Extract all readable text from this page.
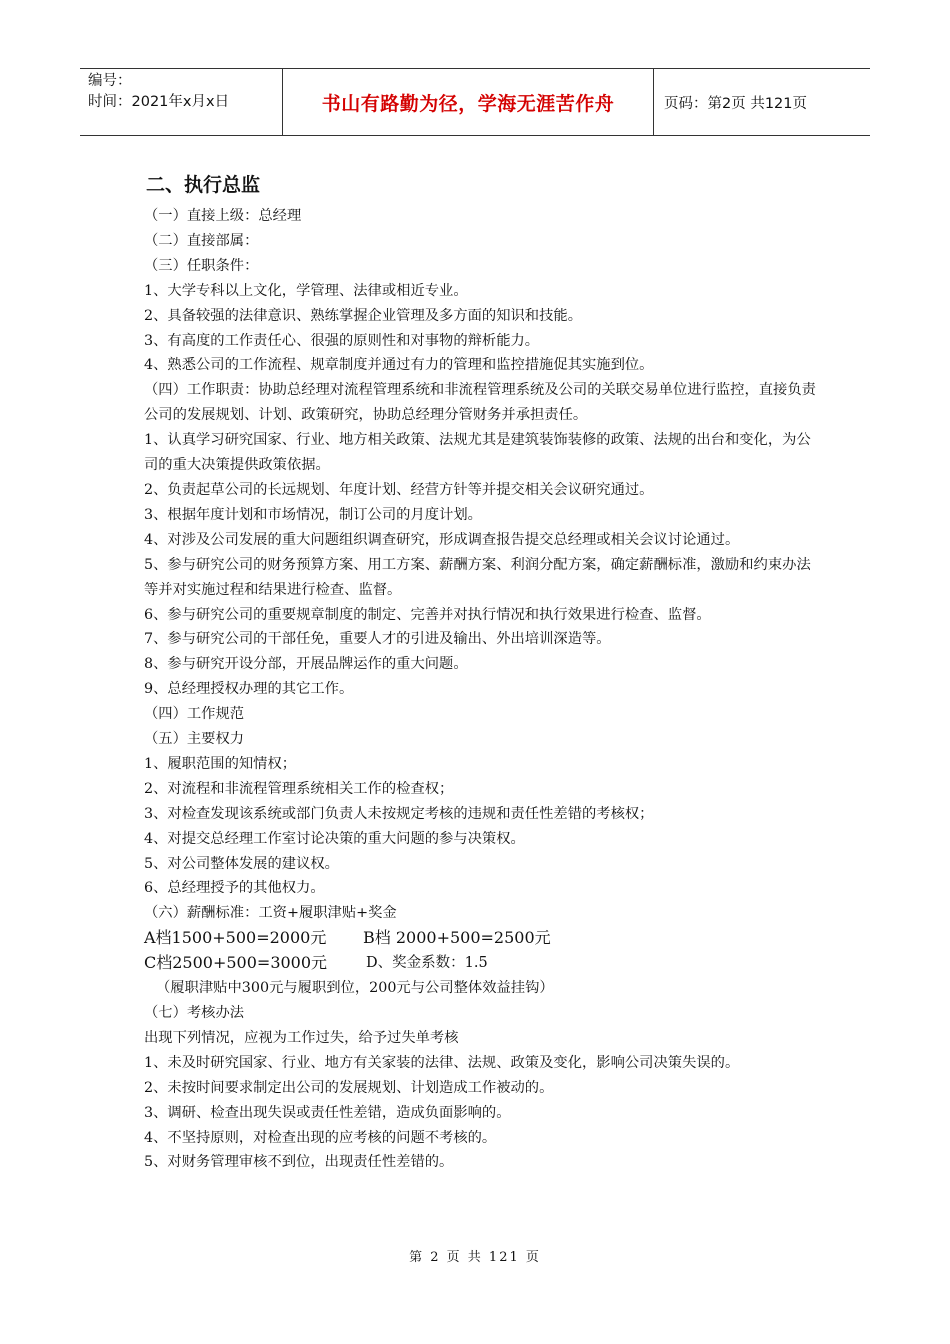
编号：
时间：2021年x月x日	书山有路勤为径，学海无涯苦作舟	页码：第2页 共121页
二、执行总监

（一）直接上级：总经理

（二）直接部属：

（三）任职条件：

1、大学专科以上文化，学管理、法律或相近专业。

2、具备较强的法律意识、熟练掌握企业管理及多方面的知识和技能。

3、有高度的工作责任心、很强的原则性和对事物的辩析能力。

4、熟悉公司的工作流程、规章制度并通过有力的管理和监控措施促其实施到位。

（四）工作职责：协助总经理对流程管理系统和非流程管理系统及公司的关联交易单位进行监控，直接负责公司的发展规划、计划、政策研究，协助总经理分管财务并承担责任。

1、认真学习研究国家、行业、地方相关政策、法规尤其是建筑装饰装修的政策、法规的出台和变化，为公司的重大决策提供政策依据。

2、负责起草公司的长远规划、年度计划、经营方针等并提交相关会议研究通过。

3、根据年度计划和市场情况，制订公司的月度计划。

4、对涉及公司发展的重大问题组织调查研究，形成调查报告提交总经理或相关会议讨论通过。

5、参与研究公司的财务预算方案、用工方案、薪酬方案、利润分配方案，确定薪酬标准，激励和约束办法等并对实施过程和结果进行检查、监督。

6、参与研究公司的重要规章制度的制定、完善并对执行情况和执行效果进行检查、监督。

7、参与研究公司的干部任免，重要人才的引进及输出、外出培训深造等。

8、参与研究开设分部，开展品牌运作的重大问题。

9、总经理授权办理的其它工作。

（四）工作规范

（五）主要权力

1、履职范围的知情权；

2、对流程和非流程管理系统相关工作的检查权；

3、对检查发现该系统或部门负责人未按规定考核的违规和责任性差错的考核权；

4、对提交总经理工作室讨论决策的重大问题的参与决策权。

5、对公司整体发展的建议权。

6、总经理授予的其他权力。

（六）薪酬标准：工资+履职津贴+奖金

A档1500+500=2000元	B档 2000+500=2500元
C档2500+500=3000元	D、奖金系数：1.5

（履职津贴中300元与履职到位，200元与公司整体效益挂钩）

（七）考核办法

出现下列情况，应视为工作过失，给予过失单考核

1、未及时研究国家、行业、地方有关家装的法律、法规、政策及变化，影响公司决策失误的。

2、未按时间要求制定出公司的发展规划、计划造成工作被动的。

3、调研、检查出现失误或责任性差错，造成负面影响的。

4、不坚持原则，对检查出现的应考核的问题不考核的。

5、对财务管理审核不到位，出现责任性差错的。

第 2 页 共 121 页
